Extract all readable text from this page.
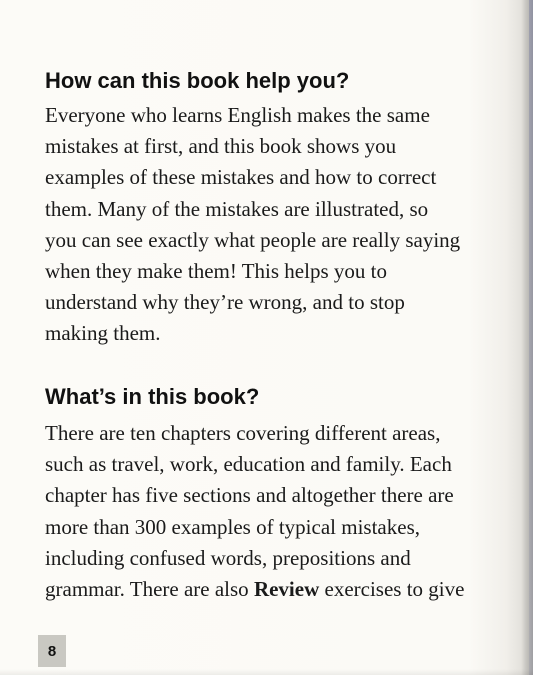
How can this book help you?

Everyone who learns English makes the same
mistakes at first, and this book shows you
examples of these mistakes and how to correct
them. Many of the mistakes are illustrated, so
you can see exactly what people are really saying
when they make them! This helps you to
understand why they’re wrong, and to stop
making them.

What’s in this book?

There are ten chapters covering different areas,
such as travel, work, education and family. Each
chapter has five sections and altogether there are
more than 300 examples of typical mistakes,
including confused words, prepositions and
grammar. There are also Review exercises to give

8
